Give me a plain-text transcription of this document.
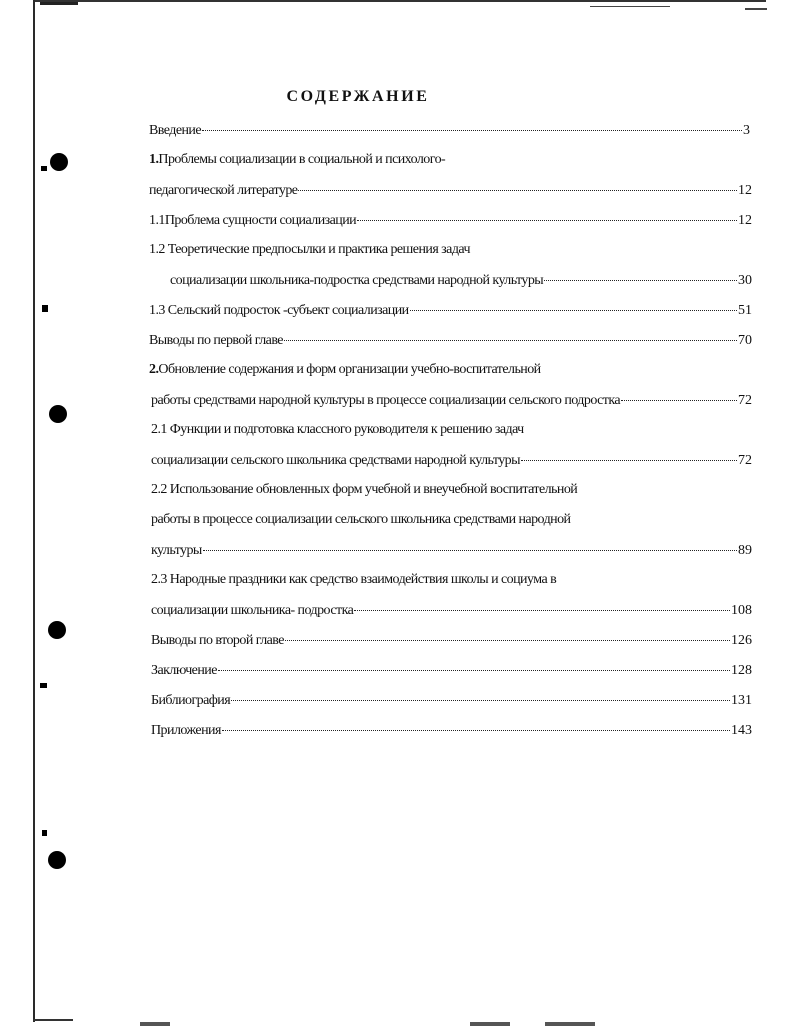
СОДЕРЖАНИЕ
Введение	3
1.Проблемы социализации в социальной и психолого-
педагогической литературе	12
1.1Проблема сущности социализации	12
1.2 Теоретические предпосылки и практика решения задач
социализации школьника-подростка средствами народной культуры	30
1.3 Сельский подросток -субъект социализации	51
Выводы по первой главе	70
2.Обновление содержания и форм организации учебно-воспитательной
работы средствами народной культуры в процессе социализации сельского подростка	72
2.1 Функции и подготовка классного руководителя к решению задач
социализации сельского школьника средствами народной культуры	72
2.2 Использование обновленных форм учебной и внеучебной воспитательной
работы в процессе социализации сельского школьника средствами народной
культуры	89
2.3 Народные праздники как средство взаимодействия школы и социума в
социализации школьника- подростка	108
Выводы по второй главе	126
Заключение	128
Библиография	131
Приложения	143
